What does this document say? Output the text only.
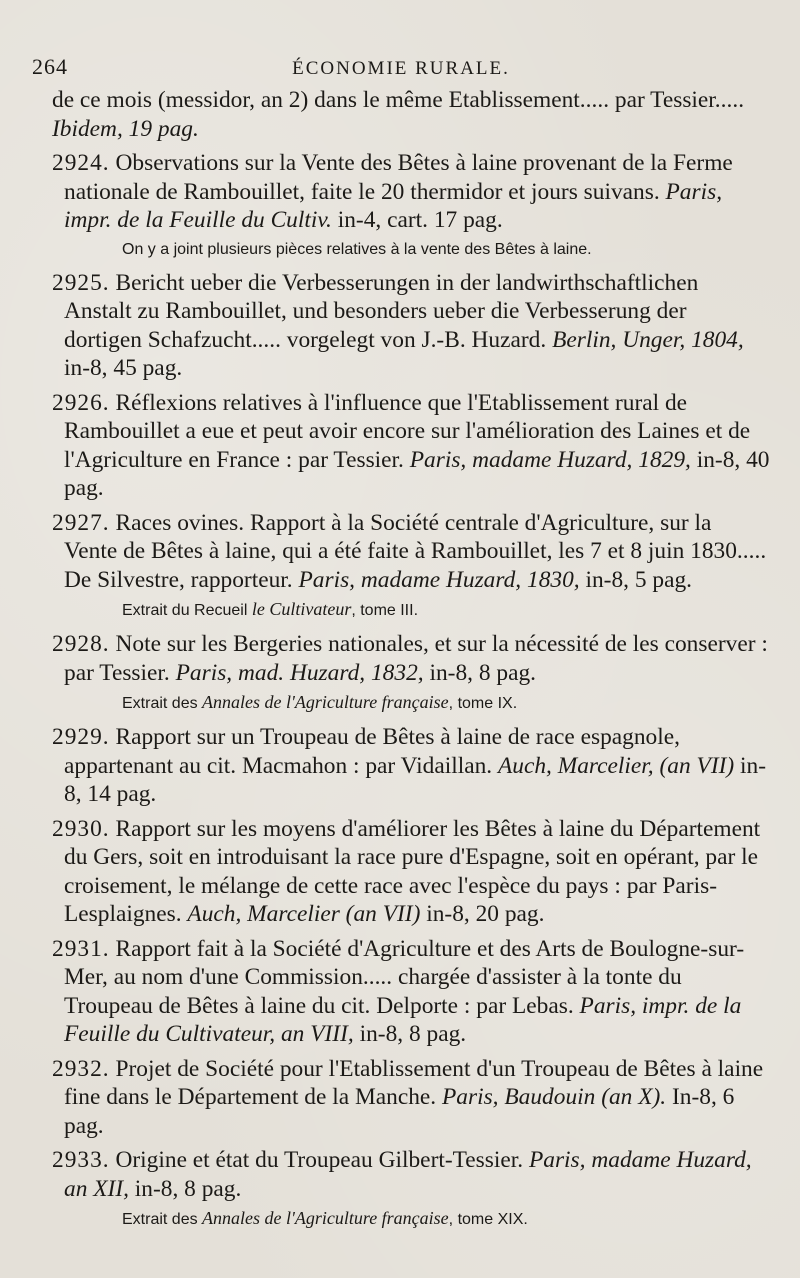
264	ÉCONOMIE RURALE.

de ce mois (messidor, an 2) dans le même Etablissement..... par Tessier..... Ibidem, 19 pag.

2924. Observations sur la Vente des Bêtes à laine provenant de la Ferme nationale de Rambouillet, faite le 20 thermidor et jours suivans. Paris, impr. de la Feuille du Cultiv. in-4, cart. 17 pag.

On y a joint plusieurs pièces relatives à la vente des Bêtes à laine.

2925. Bericht ueber die Verbesserungen in der landwirthschaftlichen Anstalt zu Rambouillet, und besonders ueber die Verbesserung der dortigen Schafzucht..... vorgelegt von J.-B. Huzard. Berlin, Unger, 1804, in-8, 45 pag.

2926. Réflexions relatives à l'influence que l'Etablissement rural de Rambouillet a eue et peut avoir encore sur l'amélioration des Laines et de l'Agriculture en France : par Tessier. Paris, madame Huzard, 1829, in-8, 40 pag.

2927. Races ovines. Rapport à la Société centrale d'Agriculture, sur la Vente de Bêtes à laine, qui a été faite à Rambouillet, les 7 et 8 juin 1830..... De Silvestre, rapporteur. Paris, madame Huzard, 1830, in-8, 5 pag.

Extrait du Recueil le Cultivateur, tome III.

2928. Note sur les Bergeries nationales, et sur la nécessité de les conserver : par Tessier. Paris, mad. Huzard, 1832, in-8, 8 pag.

Extrait des Annales de l'Agriculture française, tome IX.

2929. Rapport sur un Troupeau de Bêtes à laine de race espagnole, appartenant au cit. Macmahon : par Vidaillan. Auch, Marcelier, (an VII) in-8, 14 pag.

2930. Rapport sur les moyens d'améliorer les Bêtes à laine du Département du Gers, soit en introduisant la race pure d'Espagne, soit en opérant, par le croisement, le mélange de cette race avec l'espèce du pays : par Paris-Lesplaignes. Auch, Marcelier (an VII) in-8, 20 pag.

2931. Rapport fait à la Société d'Agriculture et des Arts de Boulogne-sur-Mer, au nom d'une Commission..... chargée d'assister à la tonte du Troupeau de Bêtes à laine du cit. Delporte : par Lebas. Paris, impr. de la Feuille du Cultivateur, an VIII, in-8, 8 pag.

2932. Projet de Société pour l'Etablissement d'un Troupeau de Bêtes à laine fine dans le Département de la Manche. Paris, Baudouin (an X). In-8, 6 pag.

2933. Origine et état du Troupeau Gilbert-Tessier. Paris, madame Huzard, an XII, in-8, 8 pag.

Extrait des Annales de l'Agriculture française, tome XIX.
